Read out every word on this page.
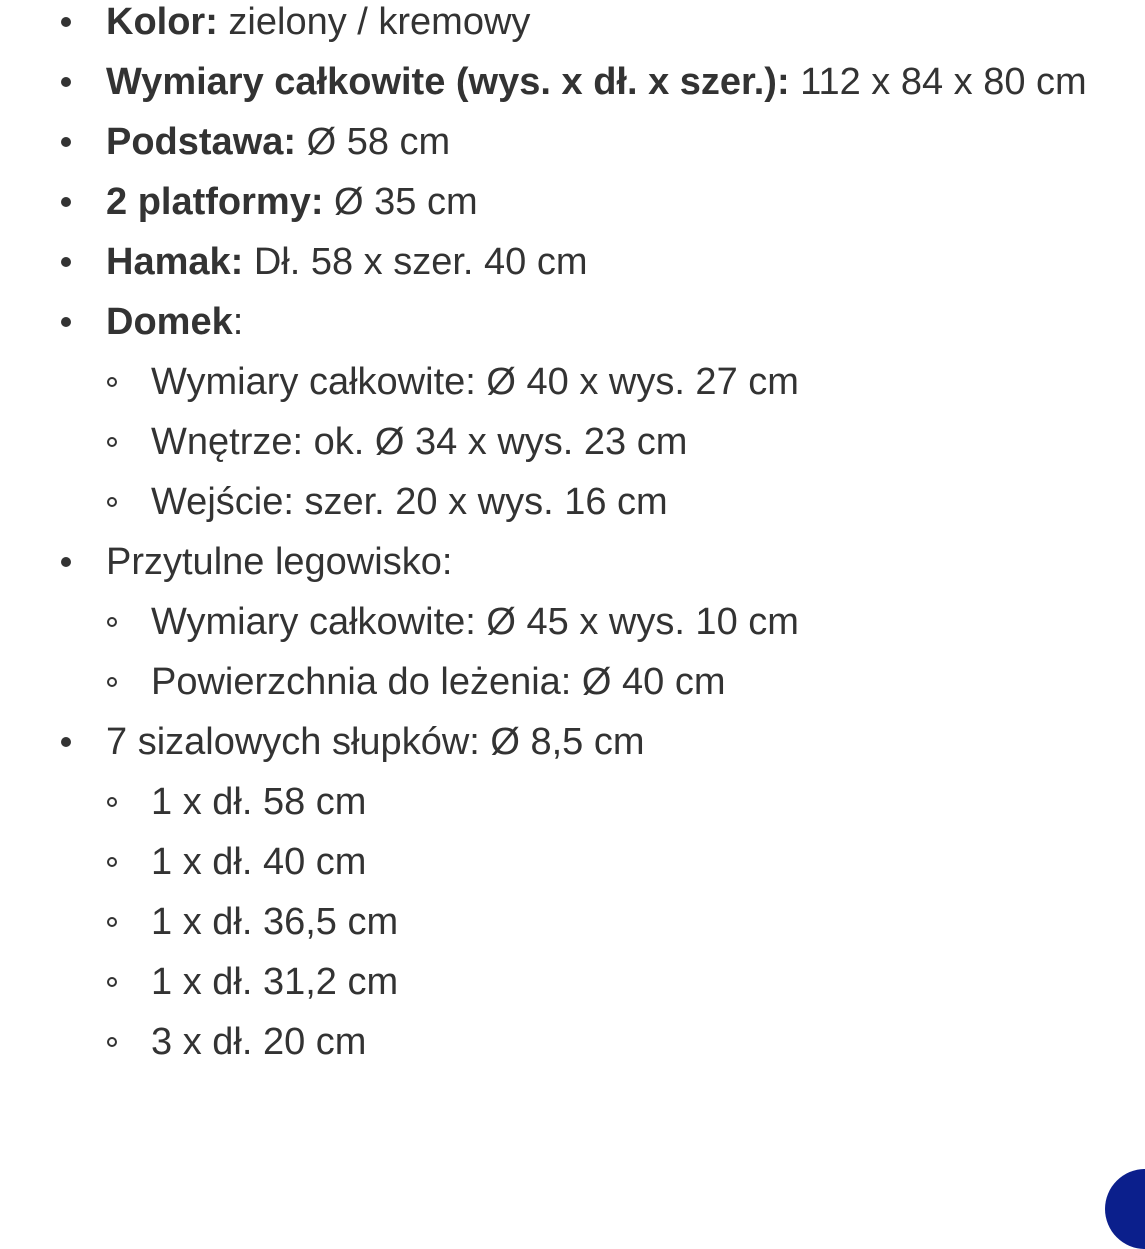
Kolor: zielony / kremowy
Wymiary całkowite (wys. x dł. x szer.): 112 x 84 x 80 cm
Podstawa: Ø 58 cm
2 platformy: Ø 35 cm
Hamak: Dł. 58 x szer. 40 cm
Domek:
Wymiary całkowite: Ø 40 x wys. 27 cm
Wnętrze: ok. Ø 34 x wys. 23 cm
Wejście: szer. 20 x wys. 16 cm
Przytulne legowisko:
Wymiary całkowite: Ø 45 x wys. 10 cm
Powierzchnia do leżenia: Ø 40 cm
7 sizalowych słupków: Ø 8,5 cm
1 x dł. 58 cm
1 x dł. 40 cm
1 x dł. 36,5 cm
1 x dł. 31,2 cm
3 x dł. 20 cm
